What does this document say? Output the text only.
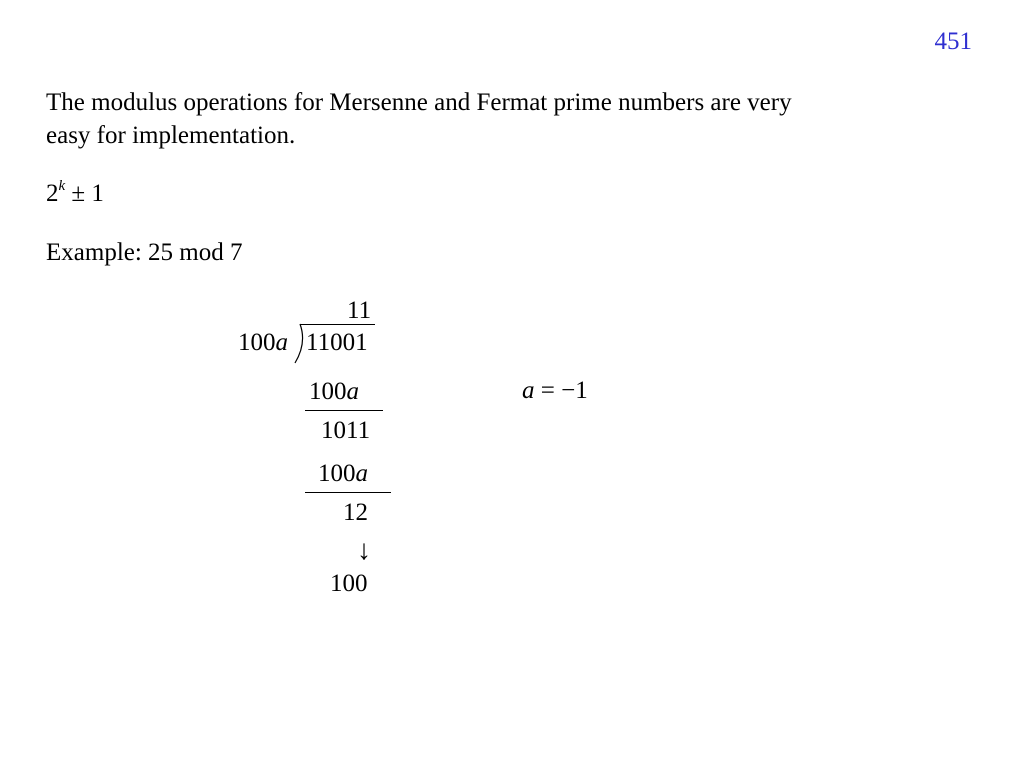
451
The modulus operations for Mersenne and Fermat prime numbers are very
easy for implementation.
$2^k \pm 1$
Example: 25 mod 7
11
100a 11001
100a
1011
100a
12
↓
100
a = −1
